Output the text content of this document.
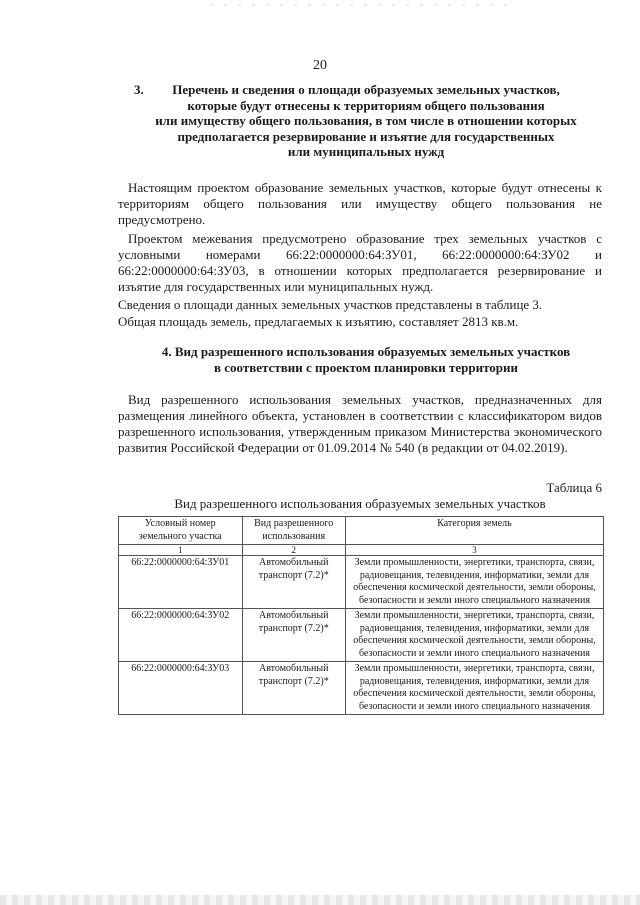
20
3.	Перечень и сведения о площади образуемых земельных участков,
которые будут отнесены к территориям общего пользования
или имуществу общего пользования, в том числе в отношении которых
предполагается резервирование и изъятие для государственных
или муниципальных нужд

Настоящим проектом образование земельных участков, которые будут отнесены к территориям общего пользования или имуществу общего пользования не предусмотрено.

Проектом межевания предусмотрено образование трех земельных участков с условными номерами 66:22:0000000:64:ЗУ01, 66:22:0000000:64:ЗУ02 и 66:22:0000000:64:ЗУ03, в отношении которых предполагается резервирование и изъятие для государственных или муниципальных нужд.

Сведения о площади данных земельных участков представлены в таблице 3.

Общая площадь земель, предлагаемых к изъятию, составляет 2813 кв.м.

4. Вид разрешенного использования образуемых земельных участков
в соответствии с проектом планировки территории

Вид разрешенного использования земельных участков, предназначенных для размещения линейного объекта, установлен в соответствии с классификатором видов разрешенного использования, утвержденным приказом Министерства экономического развития Российской Федерации от 01.09.2014 № 540 (в редакции от 04.02.2019).

Таблица 6
Вид разрешенного использования образуемых земельных участков
Условный номер земельного участка	Вид разрешенного использования	Категория земель
1	2	3
66:22:0000000:64:ЗУ01	Автомобильный транспорт (7.2)*	Земли промышленности, энергетики, транспорта, связи, радиовещания, телевидения, информатики, земли для обеспечения космической деятельности, земли обороны, безопасности и земли иного специального назначения
66:22:0000000:64:ЗУ02	Автомобильный транспорт (7.2)*	Земли промышленности, энергетики, транспорта, связи, радиовещания, телевидения, информатики, земли для обеспечения космической деятельности, земли обороны, безопасности и земли иного специального назначения
66:22:0000000:64:ЗУ03	Автомобильный транспорт (7.2)*	Земли промышленности, энергетики, транспорта, связи, радиовещания, телевидения, информатики, земли для обеспечения космической деятельности, земли обороны, безопасности и земли иного специального назначения
